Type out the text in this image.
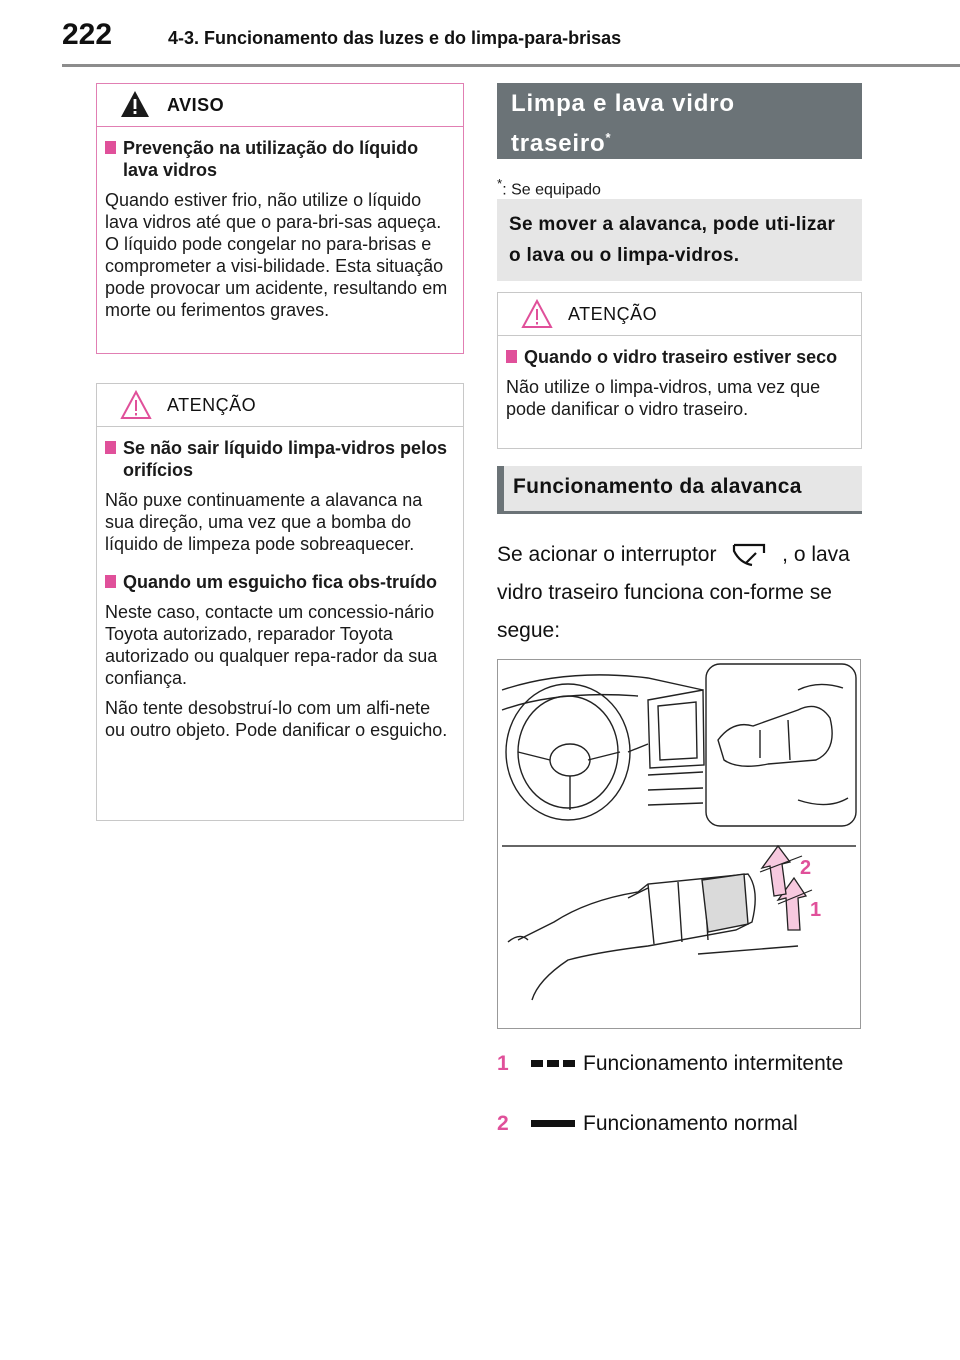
222	4-3. Funcionamento das luzes e do limpa-para-brisas
AVISO
Prevenção na utilização do líquido lava vidros
Quando estiver frio, não utilize o líquido lava vidros até que o para-bri-sas aqueça. O líquido pode congelar no para-brisas e comprometer a visi-bilidade. Esta situação pode provocar um acidente, resultando em morte ou ferimentos graves.
ATENÇÃO
Se não sair líquido limpa-vidros pelos orifícios
Não puxe continuamente a alavanca na sua direção, uma vez que a bomba do líquido de limpeza pode sobreaquecer.
Quando um esguicho fica obs-truído
Neste caso, contacte um concessio-nário Toyota autorizado, reparador Toyota autorizado ou qualquer repa-rador da sua confiança.
Não tente desobstruí-lo com um alfi-nete ou outro objeto. Pode danificar o esguicho.
Limpa e lava vidro
traseiro*
*: Se equipado
Se mover a alavanca, pode uti-lizar o lava ou o limpa-vidros.
ATENÇÃO
Quando o vidro traseiro estiver seco
Não utilize o limpa-vidros, uma vez que pode danificar o vidro traseiro.
Funcionamento da alavanca
Se acionar o interruptor	, o lava vidro traseiro funciona con-forme se segue:
2
1
1	Funcionamento intermitente
2	Funcionamento normal
